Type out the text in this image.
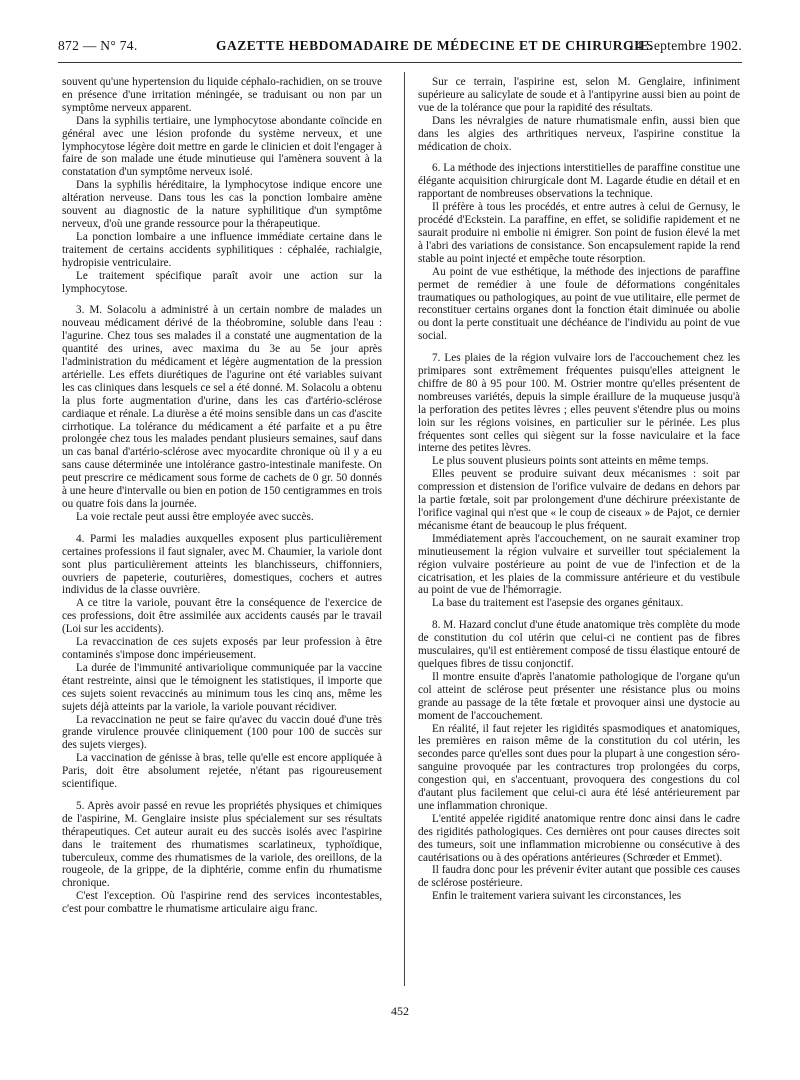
872 — N° 74.	GAZETTE HEBDOMADAIRE DE MÉDECINE ET DE CHIRURGIE.
14 Septembre 1902.

souvent qu'une hypertension du liquide céphalo-rachidien, on se trouve en présence d'une irritation méningée, se traduisant ou non par un symptôme nerveux apparent.

Dans la syphilis tertiaire, une lymphocytose abondante coïncide en général avec une lésion profonde du système nerveux, et une lymphocytose légère doit mettre en garde le clinicien et doit l'engager à faire de son malade une étude minutieuse qui l'amènera souvent à la constatation d'un symptôme nerveux isolé.

Dans la syphilis héréditaire, la lymphocytose indique encore une altération nerveuse. Dans tous les cas la ponction lombaire amène souvent au diagnostic de la nature syphilitique d'un symptôme nerveux, d'où une grande ressource pour la thérapeutique.

La ponction lombaire a une influence immédiate certaine dans le traitement de certains accidents syphilitiques : céphalée, rachialgie, hydropisie ventriculaire.

Le traitement spécifique paraît avoir une action sur la lymphocytose.

3. M. Solacolu a administré à un certain nombre de malades un nouveau médicament dérivé de la théobromine, soluble dans l'eau : l'agurine. Chez tous ses malades il a constaté une augmentation de la quantité des urines, avec maxima du 3e au 5e jour après l'administration du médicament et légère augmentation de la pression artérielle. Les effets diurétiques de l'agurine ont été variables suivant les cas cliniques dans lesquels ce sel a été donné. M. Solacolu a obtenu la plus forte augmentation d'urine, dans les cas d'artério-sclérose cardiaque et rénale. La diurèse a été moins sensible dans un cas d'ascite cirrhotique. La tolérance du médicament a été parfaite et a pu être prolongée chez tous les malades pendant plusieurs semaines, sauf dans un cas banal d'artério-sclérose avec myocardite chronique où il y a eu sans cause déterminée une intolérance gastro-intestinale manifeste. On peut prescrire ce médicament sous forme de cachets de 0 gr. 50 donnés à une heure d'intervalle ou bien en potion de 150 centigrammes en trois ou quatre fois dans la journée.

La voie rectale peut aussi être employée avec succès.

4. Parmi les maladies auxquelles exposent plus particulièrement certaines professions il faut signaler, avec M. Chaumier, la variole dont sont plus particulièrement atteints les blanchisseurs, chiffonniers, ouvriers de papeterie, couturières, domestiques, cochers et autres individus de la classe ouvrière.

A ce titre la variole, pouvant être la conséquence de l'exercice de ces professions, doit être assimilée aux accidents causés par le travail (Loi sur les accidents).

La revaccination de ces sujets exposés par leur profession à être contaminés s'impose donc impérieusement.

La durée de l'immunité antivariolique communiquée par la vaccine étant restreinte, ainsi que le témoignent les statistiques, il importe que ces sujets soient revaccinés au minimum tous les cinq ans, même les sujets déjà atteints par la variole, la variole pouvant récidiver.

La revaccination ne peut se faire qu'avec du vaccin doué d'une très grande virulence prouvée cliniquement (100 pour 100 de succès sur des sujets vierges).

La vaccination de génisse à bras, telle qu'elle est encore appliquée à Paris, doit être absolument rejetée, n'étant pas rigoureusement scientifique.

5. Après avoir passé en revue les propriétés physiques et chimiques de l'aspirine, M. Genglaire insiste plus spécialement sur ses résultats thérapeutiques. Cet auteur aurait eu des succès isolés avec l'aspirine dans le traitement des rhumatismes scarlatineux, typhoïdique, tuberculeux, comme des rhumatismes de la variole, des oreillons, de la rougeole, de la grippe, de la diphtérie, comme enfin du rhumatisme chronique.

C'est l'exception. Où l'aspirine rend des services incontestables, c'est pour combattre le rhumatisme articulaire aigu franc.

Sur ce terrain, l'aspirine est, selon M. Genglaire, infiniment supérieure au salicylate de soude et à l'antipyrine aussi bien au point de vue de la tolérance que pour la rapidité des résultats.

Dans les névralgies de nature rhumatismale enfin, aussi bien que dans les algies des arthritiques nerveux, l'aspirine constitue la médication de choix.

6. La méthode des injections interstitielles de paraffine constitue une élégante acquisition chirurgicale dont M. Lagarde étudie en détail et en rapportant de nombreuses observations la technique.

Il préfère à tous les procédés, et entre autres à celui de Gernusy, le procédé d'Eckstein. La paraffine, en effet, se solidifie rapidement et ne saurait produire ni embolie ni émigrer. Son point de fusion élevé la met à l'abri des variations de consistance. Son encapsulement rapide la rend stable au point injecté et empêche toute résorption.

Au point de vue esthétique, la méthode des injections de paraffine permet de remédier à une foule de déformations congénitales traumatiques ou pathologiques, au point de vue utilitaire, elle permet de reconstituer certains organes dont la fonction était diminuée ou abolie ou dont la perte constituait une déchéance de l'individu au point de vue social.

7. Les plaies de la région vulvaire lors de l'accouchement chez les primipares sont extrêmement fréquentes puisqu'elles atteignent le chiffre de 80 à 95 pour 100. M. Ostrier montre qu'elles présentent de nombreuses variétés, depuis la simple éraillure de la muqueuse jusqu'à la perforation des petites lèvres ; elles peuvent s'étendre plus ou moins loin sur les régions voisines, en particulier sur le périnée. Les plus fréquentes sont celles qui siègent sur la fosse naviculaire et la face interne des petites lèvres.

Le plus souvent plusieurs points sont atteints en même temps.

Elles peuvent se produire suivant deux mécanismes : soit par compression et distension de l'orifice vulvaire de dedans en dehors par la partie fœtale, soit par prolongement d'une déchirure préexistante de l'orifice vaginal qui n'est que « le coup de ciseaux » de Pajot, ce dernier mécanisme étant de beaucoup le plus fréquent.

Immédiatement après l'accouchement, on ne saurait examiner trop minutieusement la région vulvaire et surveiller tout spécialement la région vulvaire postérieure au point de vue de l'infection et de la cicatrisation, et les plaies de la commissure antérieure et du vestibule au point de vue de l'hémorragie.

La base du traitement est l'asepsie des organes génitaux.

8. M. Hazard conclut d'une étude anatomique très complète du mode de constitution du col utérin que celui-ci ne contient pas de fibres musculaires, qu'il est entièrement composé de tissu élastique entouré de quelques fibres de tissu conjonctif.

Il montre ensuite d'après l'anatomie pathologique de l'organe qu'un col atteint de sclérose peut présenter une résistance plus ou moins grande au passage de la tête fœtale et provoquer ainsi une dystocie au moment de l'accouchement.

En réalité, il faut rejeter les rigidités spasmodiques et anatomiques, les premières en raison même de la constitution du col utérin, les secondes parce qu'elles sont dues pour la plupart à une congestion séro-sanguine provoquée par les contractures trop prolongées du corps, congestion qui, en s'accentuant, provoquera des congestions du col d'autant plus facilement que celui-ci aura été lésé antérieurement par une inflammation chronique.

L'entité appelée rigidité anatomique rentre donc ainsi dans le cadre des rigidités pathologiques. Ces dernières ont pour causes directes soit des tumeurs, soit une inflammation microbienne ou consécutive à des cautérisations ou à des opérations antérieures (Schrœder et Emmet).

Il faudra donc pour les prévenir éviter autant que possible ces causes de sclérose postérieure.

Enfin le traitement variera suivant les circonstances, les

452
